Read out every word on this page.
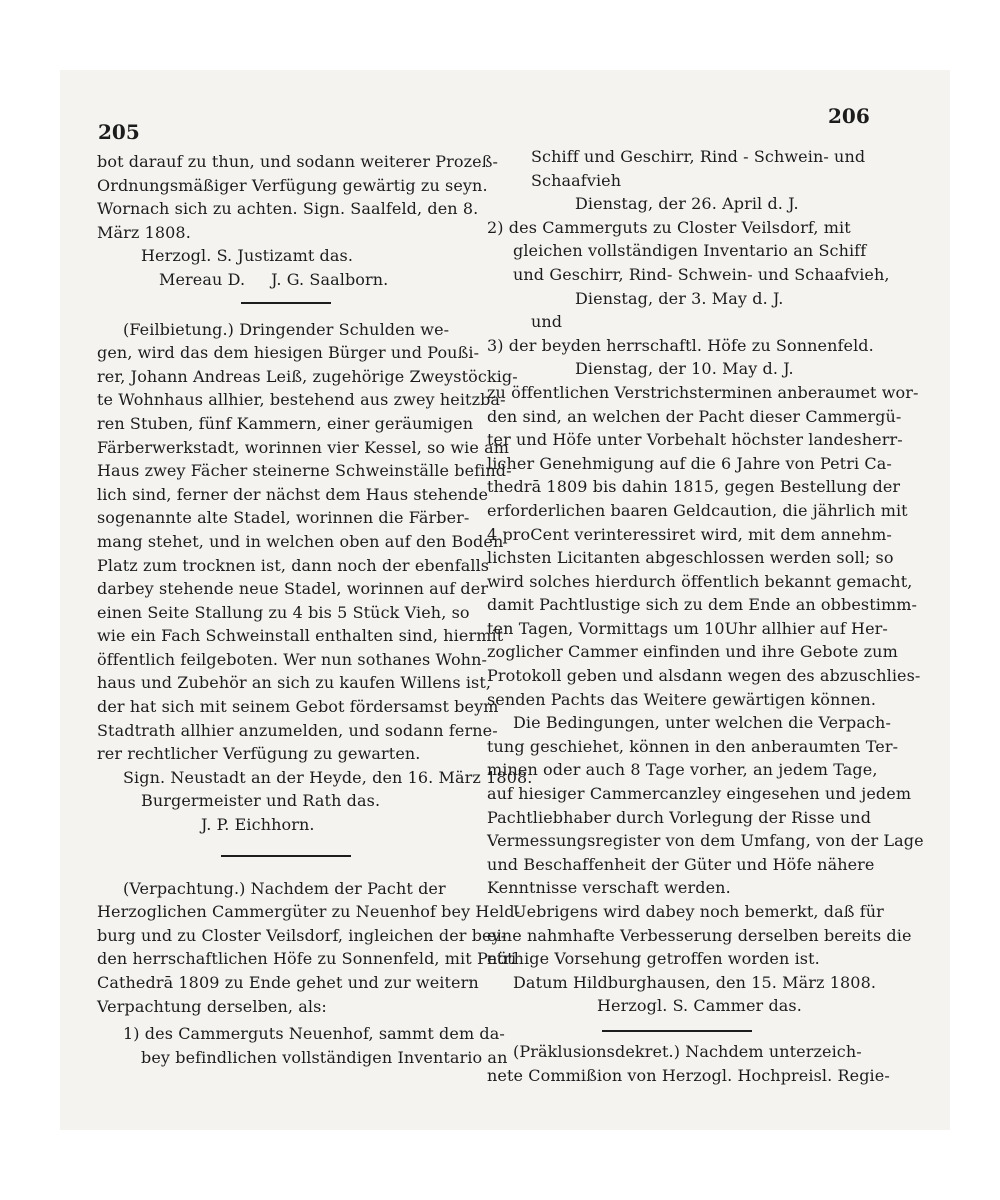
205
206
bot darauf zu thun, und sodann weiterer Prozeß-
Ordnungsmäßiger Verfügung gewärtig zu seyn.
Wornach sich zu achten. Sign. Saalfeld, den 8.
März 1808.
Herzogl. S. Justizamt das.
Mereau D.     J. G. Saalborn.
(Feilbietung.) Dringender Schulden we-
gen, wird das dem hiesigen Bürger und Poußi-
rer, Johann Andreas Leiß, zugehörige Zweystöckig-
te Wohnhaus allhier, bestehend aus zwey heitzba-
ren Stuben, fünf Kammern, einer geräumigen
Färberwerkstadt, worinnen vier Kessel, so wie am
Haus zwey Fächer steinerne Schweinställe befind-
lich sind, ferner der nächst dem Haus stehende
sogenannte alte Stadel, worinnen die Färber-
mang stehet, und in welchen oben auf den Boden
Platz zum trocknen ist, dann noch der ebenfalls
darbey stehende neue Stadel, worinnen auf der
einen Seite Stallung zu 4 bis 5 Stück Vieh, so
wie ein Fach Schweinstall enthalten sind, hiermit
öffentlich feilgeboten. Wer nun sothanes Wohn-
haus und Zubehör an sich zu kaufen Willens ist,
der hat sich mit seinem Gebot fördersamst beym
Stadtrath allhier anzumelden, und sodann ferne-
rer rechtlicher Verfügung zu gewarten.
Sign. Neustadt an der Heyde, den 16. März 1808.
Burgermeister und Rath das.
J. P. Eichhorn.
(Verpachtung.) Nachdem der Pacht der
Herzoglichen Cammergüter zu Neuenhof bey Held-
burg und zu Closter Veilsdorf, ingleichen der bey-
den herrschaftlichen Höfe zu Sonnenfeld, mit Petri
Cathedrā 1809 zu Ende gehet und zur weitern
Verpachtung derselben, als:
1) des Cammerguts Neuenhof, sammt dem da-
bey befindlichen vollständigen Inventario an
Schiff und Geschirr, Rind - Schwein- und
Schaafvieh
Dienstag, der 26. April d. J.
2) des Cammerguts zu Closter Veilsdorf, mit
gleichen vollständigen Inventario an Schiff
und Geschirr, Rind- Schwein- und Schaafvieh,
Dienstag, der 3. May d. J.
und
3) der beyden herrschaftl. Höfe zu Sonnenfeld.
Dienstag, der 10. May d. J.
zu öffentlichen Verstrichsterminen anberaumet wor-
den sind, an welchen der Pacht dieser Cammergü-
ter und Höfe unter Vorbehalt höchster landesherr-
licher Genehmigung auf die 6 Jahre von Petri Ca-
thedrā 1809 bis dahin 1815, gegen Bestellung der
erforderlichen baaren Geldcaution, die jährlich mit
4 proCent verinteressiret wird, mit dem annehm-
lichsten Licitanten abgeschlossen werden soll; so
wird solches hierdurch öffentlich bekannt gemacht,
damit Pachtlustige sich zu dem Ende an obbestimm-
ten Tagen, Vormittags um 10Uhr allhier auf Her-
zoglicher Cammer einfinden und ihre Gebote zum
Protokoll geben und alsdann wegen des abzuschlies-
senden Pachts das Weitere gewärtigen können.
Die Bedingungen, unter welchen die Verpach-
tung geschiehet, können in den anberaumten Ter-
minen oder auch 8 Tage vorher, an jedem Tage,
auf hiesiger Cammercanzley eingesehen und jedem
Pachtliebhaber durch Vorlegung der Risse und
Vermessungsregister von dem Umfang, von der Lage
und Beschaffenheit der Güter und Höfe nähere
Kenntnisse verschaft werden.
Uebrigens wird dabey noch bemerkt, daß für
eine nahmhafte Verbesserung derselben bereits die
nöthige Vorsehung getroffen worden ist.
Datum Hildburghausen, den 15. März 1808.
Herzogl. S. Cammer das.
(Präklusionsdekret.) Nachdem unterzeich-
nete Commißion von Herzogl. Hochpreisl. Regie-
